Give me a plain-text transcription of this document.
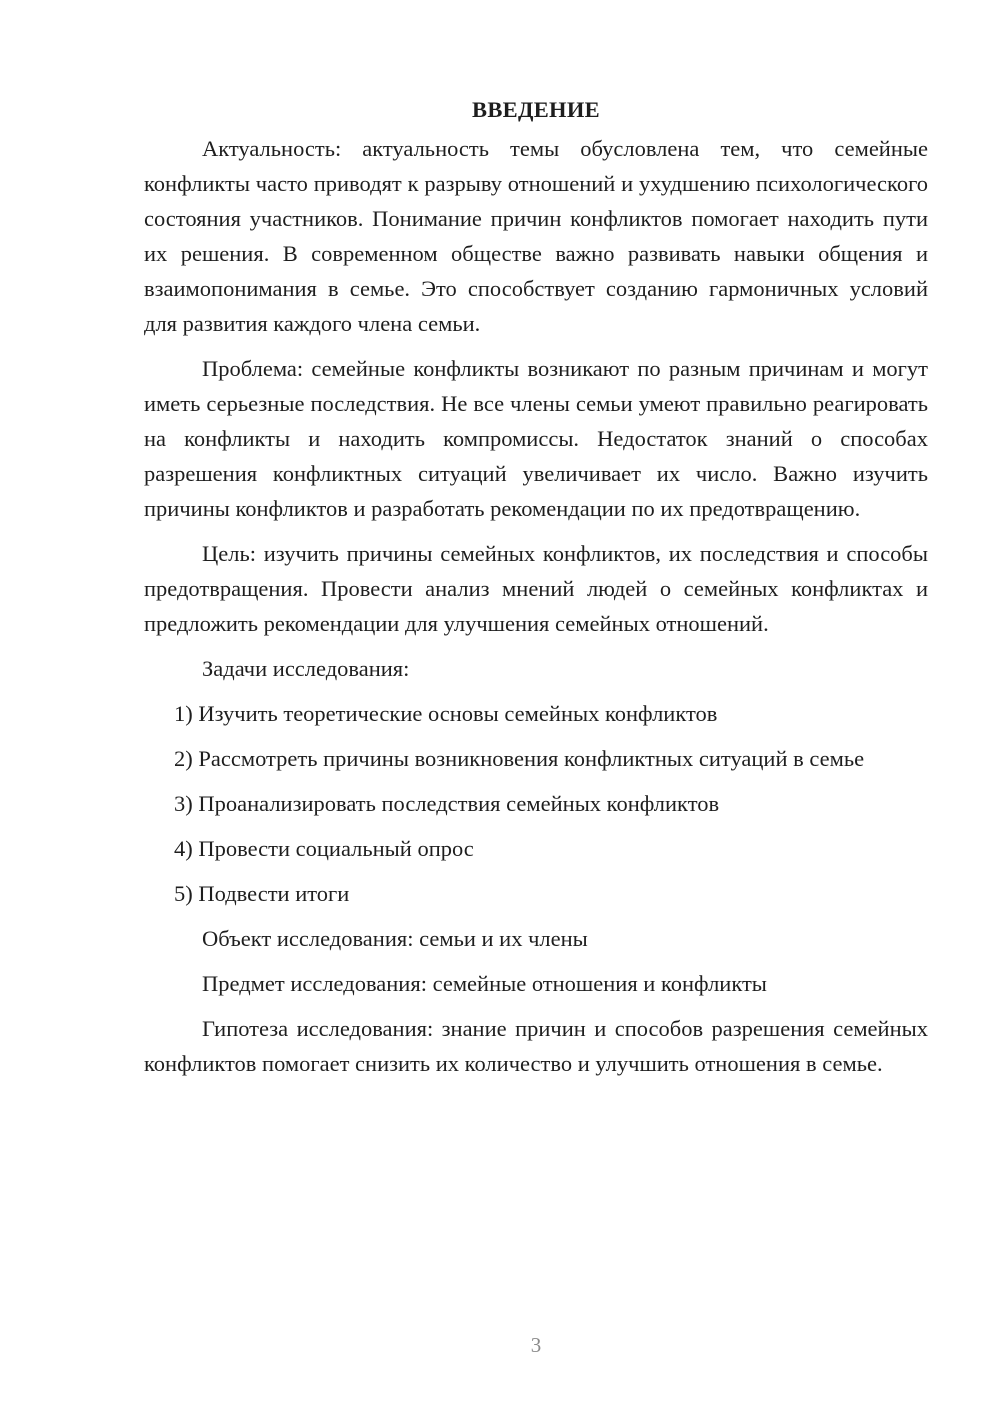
ВВЕДЕНИЕ

Актуальность: актуальность темы обусловлена тем, что семейные конфликты часто приводят к разрыву отношений и ухудшению психологического состояния участников. Понимание причин конфликтов помогает находить пути их решения. В современном обществе важно развивать навыки общения и взаимопонимания в семье. Это способствует созданию гармоничных условий для развития каждого члена семьи.

Проблема: семейные конфликты возникают по разным причинам и могут иметь серьезные последствия. Не все члены семьи умеют правильно реагировать на конфликты и находить компромиссы. Недостаток знаний о способах разрешения конфликтных ситуаций увеличивает их число. Важно изучить причины конфликтов и разработать рекомендации по их предотвращению.

Цель: изучить причины семейных конфликтов, их последствия и способы предотвращения. Провести анализ мнений людей о семейных конфликтах и предложить рекомендации для улучшения семейных отношений.

Задачи исследования:

1) Изучить теоретические основы семейных конфликтов

2) Рассмотреть причины возникновения конфликтных ситуаций в семье

3) Проанализировать последствия семейных конфликтов

4) Провести социальный опрос

5) Подвести итоги

Объект исследования: семьи и их члены

Предмет исследования: семейные отношения и конфликты

Гипотеза исследования: знание причин и способов разрешения семейных конфликтов помогает снизить их количество и улучшить отношения в семье.

3
